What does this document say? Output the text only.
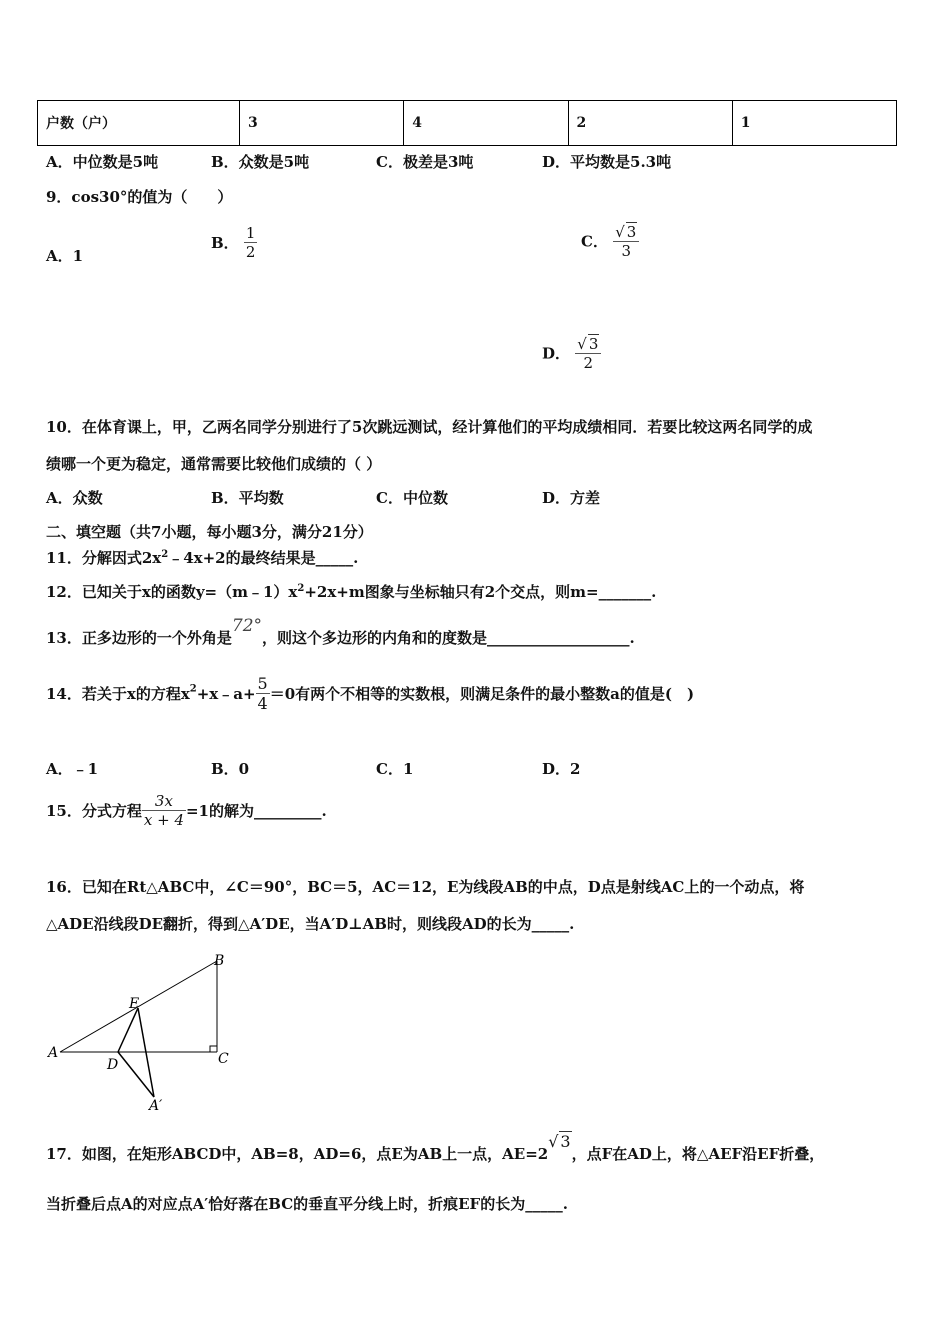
户数（户）	3	4	2	1
A．中位数是5吨	B．众数是5吨	C．极差是3吨	D．平均数是5.3吨
9．cos30°的值为（　　）
A．1
B． $\frac{1}{2}$	C． $\frac{√ 3}{3}$
D． $\frac{√ 3}{2}$
10．在体育课上，甲，乙两名同学分别进行了5次跳远测试，经计算他们的平均成绩相同．若要比较这两名同学的成
绩哪一个更为稳定，通常需要比较他们成绩的（ ）
A．众数	B．平均数	C．中位数	D．方差
二、填空题（共7小题，每小题3分，满分21分）
11．分解因式$2x^2﹣4x+2$的最终结果是_____.
12．已知关于x的函数$y=(m﹣1)x^2+2x+m$图象与坐标轴只有2个交点，则m=_______.
13．正多边形的一个外角是72°，则这个多边形的内角和的度数是___________________.
14．若关于x的方程$x^2+x﹣a+ \frac{5}{4} =0$有两个不相等的实数根，则满足条件的最小整数a的值是(　)
A．﹣1	B．0	C．1	D．2
15．分式方程 $\frac{3x}{x + 4} =1$的解为_________.
16．已知在Rt△ABC中，∠C＝90°，BC＝5，AC＝12，E为线段AB的中点，D点是射线AC上的一个动点，将
△ADE沿线段DE翻折，得到△A′DE，当A′D⊥AB时，则线段AD的长为_____.
A
B
C
D
E
A′
17．如图，在矩形ABCD中，AB=8，AD=6，点E为AB上一点，AE=2√ 3，点F在AD上，将△AEF沿EF折叠，
当折叠后点A的对应点A′恰好落在BC的垂直平分线上时，折痕EF的长为_____.
